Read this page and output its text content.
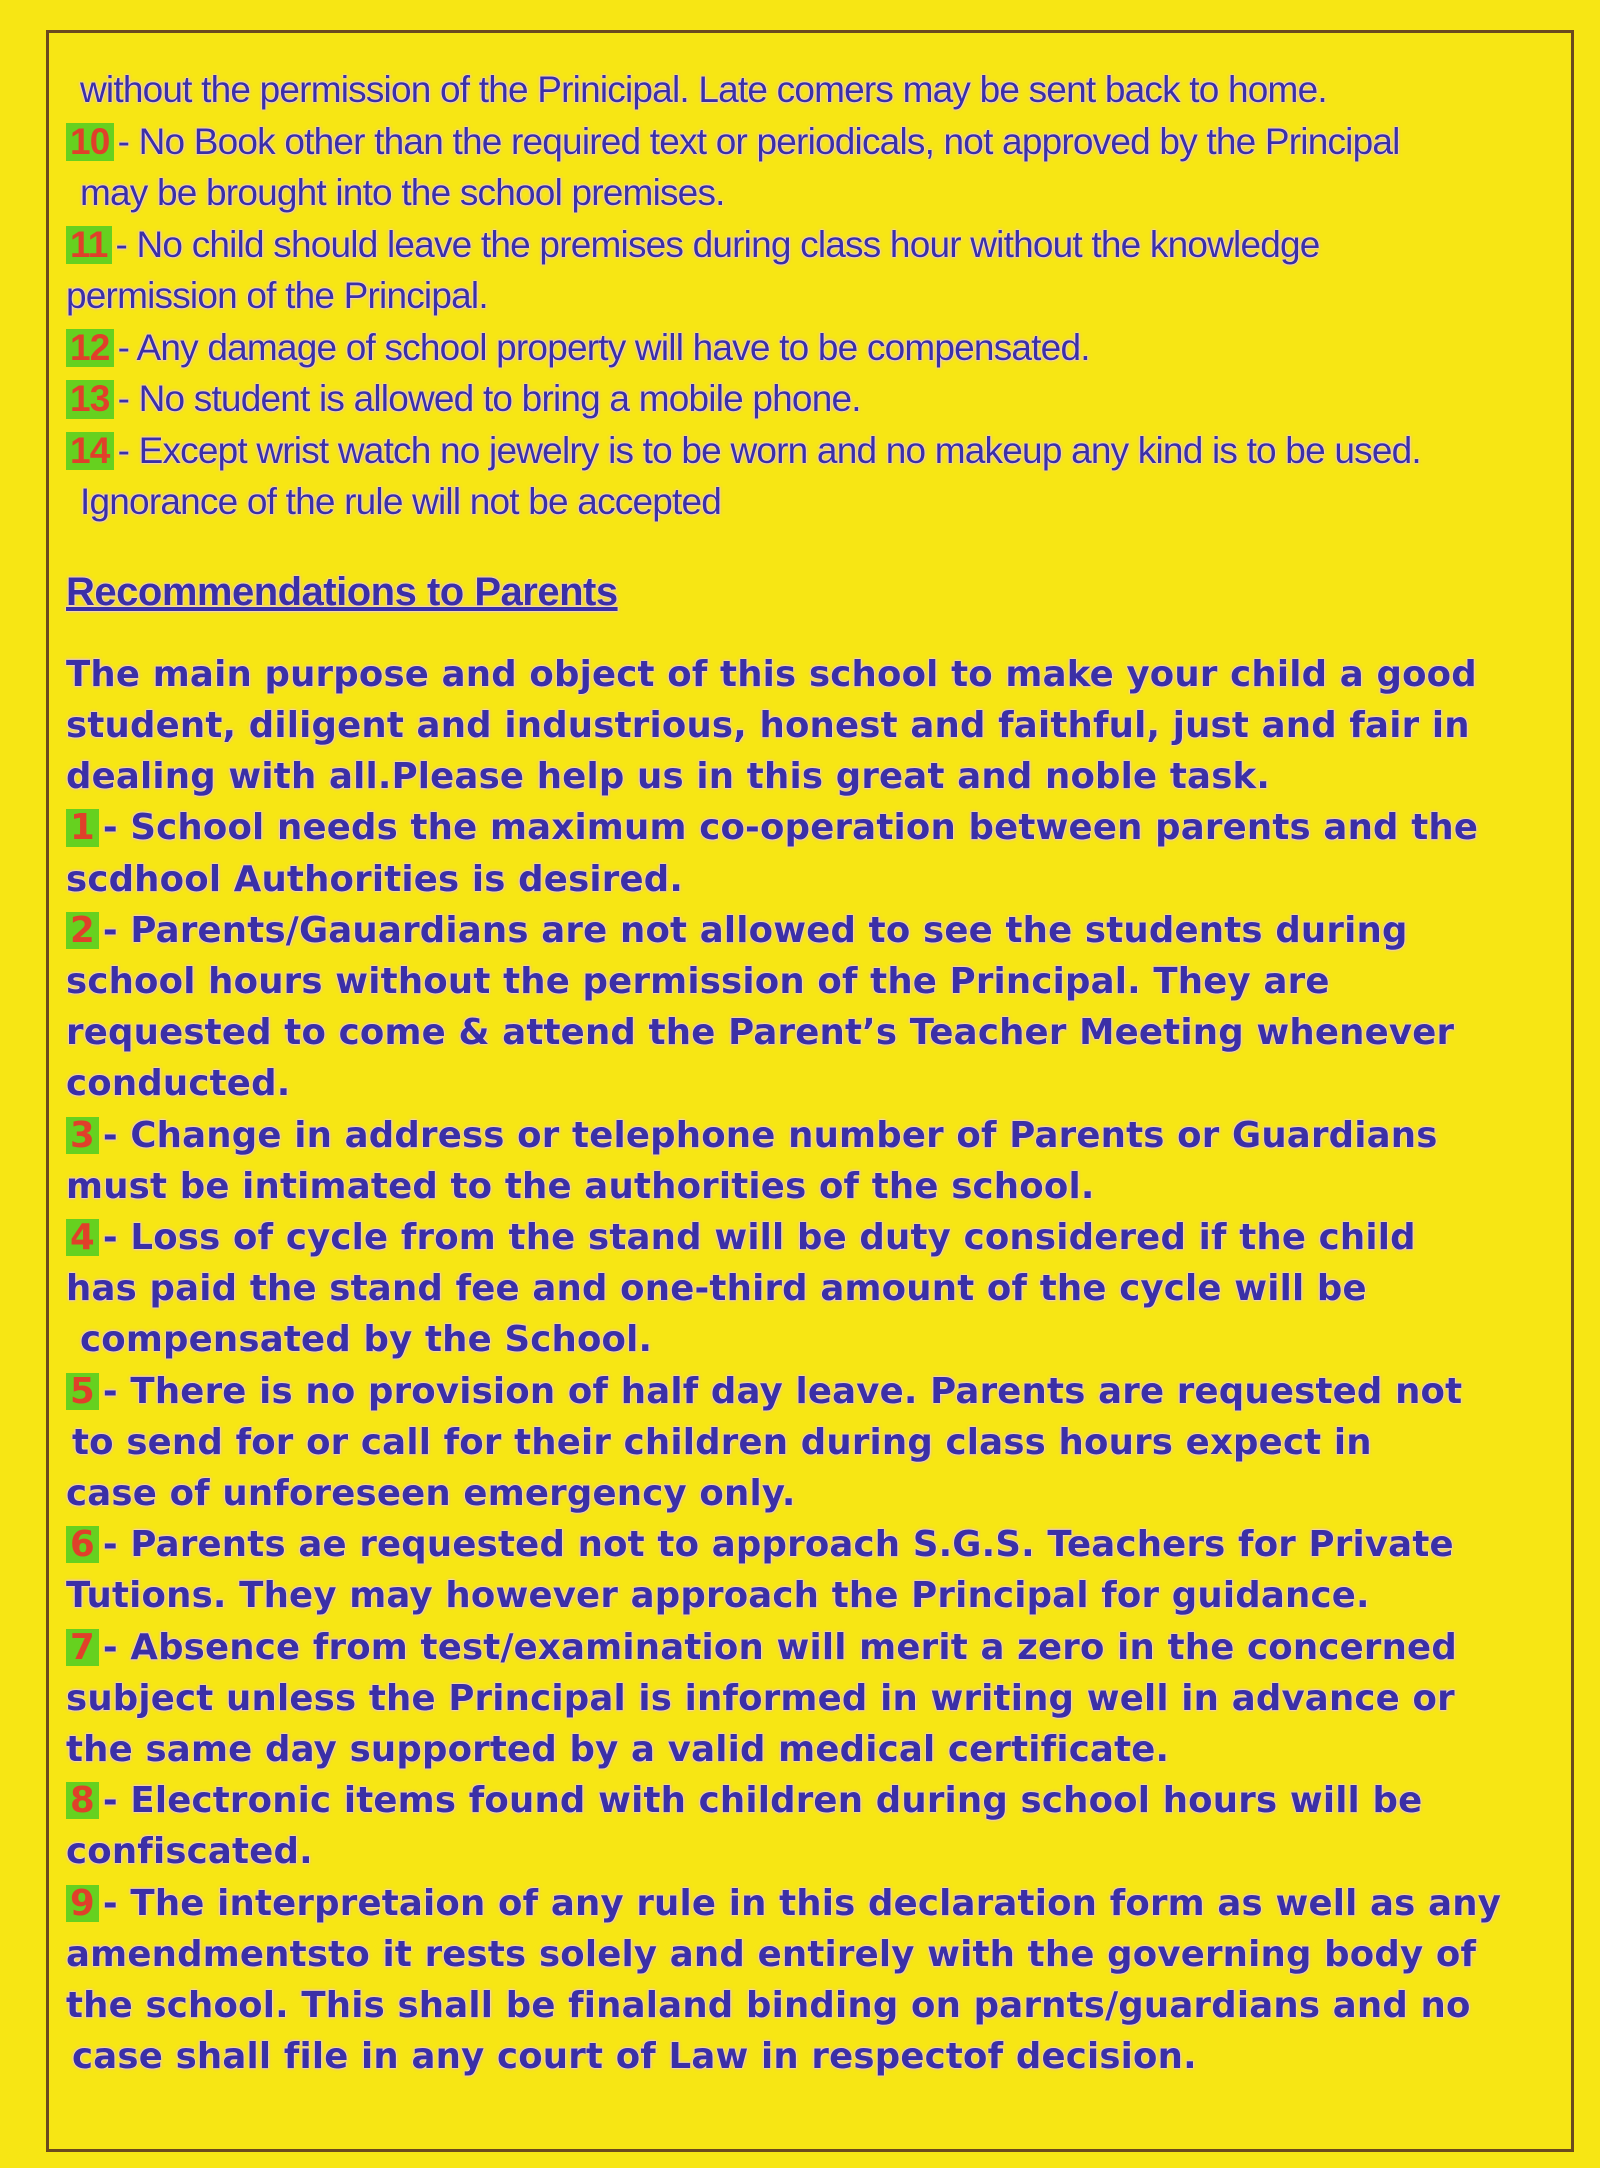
without the permission of the Prinicipal. Late comers may be sent back to home.
10 - No Book other than the required text or periodicals, not approved by the Principal
may be brought into the school premises.
11 - No child should leave the premises during class hour without the knowledge
permission of the Principal.
12 - Any damage of school property will have to be compensated.
13 - No student is allowed to bring a mobile phone.
14 - Except wrist watch no jewelry is to be worn and no makeup any kind is to be used.
Ignorance of the rule will not be accepted
Recommendations to Parents
The main purpose and object of this school to make your child a good
student, diligent and industrious, honest and faithful, just and fair in
dealing with all.Please help us in this great and noble task.
1 - School needs the maximum co-operation between parents and the
scdhool Authorities is desired.
2 - Parents/Gauardians are not allowed to see the students during
school hours without the permission of the Principal. They are
requested to come & attend the Parent’s Teacher Meeting whenever
conducted.
3 - Change in address or telephone number of Parents or Guardians
must be intimated to the authorities of the school.
4 - Loss of cycle from the stand will be duty considered if the child
has paid the stand fee and one-third amount of the cycle will be
compensated by the School.
5 - There is no provision of half day leave. Parents are requested not
to send for or call for their children during class hours expect in
case of unforeseen emergency only.
6 - Parents ae requested not to approach S.G.S. Teachers for Private
Tutions. They may however approach the Principal for guidance.
7 - Absence from test/examination will merit a zero in the concerned
subject unless the Principal is informed in writing well in advance or
the same day supported by a valid medical certificate.
8 - Electronic items found with children during school hours will be
confiscated.
9 - The interpretaion of any rule in this declaration form as well as any
amendmentsto it rests solely and entirely with the governing body of
the school. This shall be finaland binding on parnts/guardians and no
case shall file in any court of Law in respectof decision.
